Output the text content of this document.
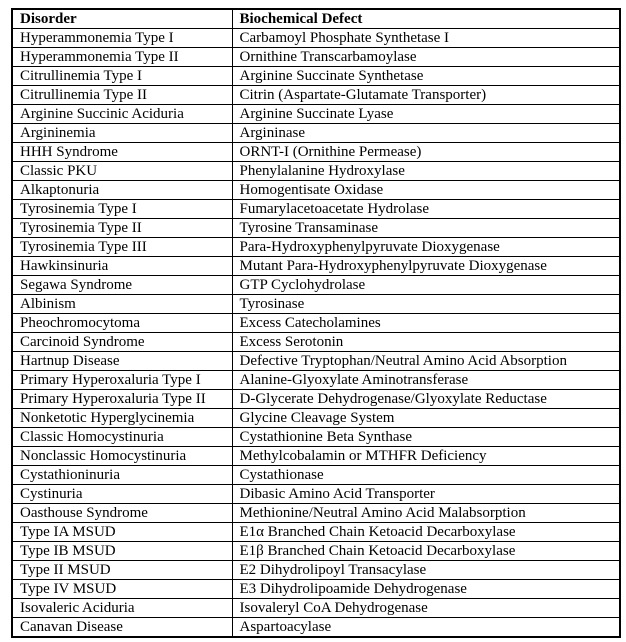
Disorder	Biochemical Defect
Hyperammonemia Type I	Carbamoyl Phosphate Synthetase I
Hyperammonemia Type II	Ornithine Transcarbamoylase
Citrullinemia Type I	Arginine Succinate Synthetase
Citrullinemia Type II	Citrin (Aspartate-Glutamate Transporter)
Arginine Succinic Aciduria	Arginine Succinate Lyase
Argininemia	Argininase
HHH Syndrome	ORNT-I (Ornithine Permease)
Classic PKU	Phenylalanine Hydroxylase
Alkaptonuria	Homogentisate Oxidase
Tyrosinemia Type I	Fumarylacetoacetate Hydrolase
Tyrosinemia Type II	Tyrosine Transaminase
Tyrosinemia Type III	Para-Hydroxyphenylpyruvate Dioxygenase
Hawkinsinuria	Mutant Para-Hydroxyphenylpyruvate Dioxygenase
Segawa Syndrome	GTP Cyclohydrolase
Albinism	Tyrosinase
Pheochromocytoma	Excess Catecholamines
Carcinoid Syndrome	Excess Serotonin
Hartnup Disease	Defective Tryptophan/Neutral Amino Acid Absorption
Primary Hyperoxaluria Type I	Alanine-Glyoxylate Aminotransferase
Primary Hyperoxaluria Type II	D-Glycerate Dehydrogenase/Glyoxylate Reductase
Nonketotic Hyperglycinemia	Glycine Cleavage System
Classic Homocystinuria	Cystathionine Beta Synthase
Nonclassic Homocystinuria	Methylcobalamin or MTHFR Deficiency
Cystathioninuria	Cystathionase
Cystinuria	Dibasic Amino Acid Transporter
Oasthouse Syndrome	Methionine/Neutral Amino Acid Malabsorption
Type IA MSUD	E1α Branched Chain Ketoacid Decarboxylase
Type IB MSUD	E1β Branched Chain Ketoacid Decarboxylase
Type II MSUD	E2 Dihydrolipoyl Transacylase
Type IV MSUD	E3 Dihydrolipoamide Dehydrogenase
Isovaleric Aciduria	Isovaleryl CoA Dehydrogenase
Canavan Disease	Aspartoacylase
